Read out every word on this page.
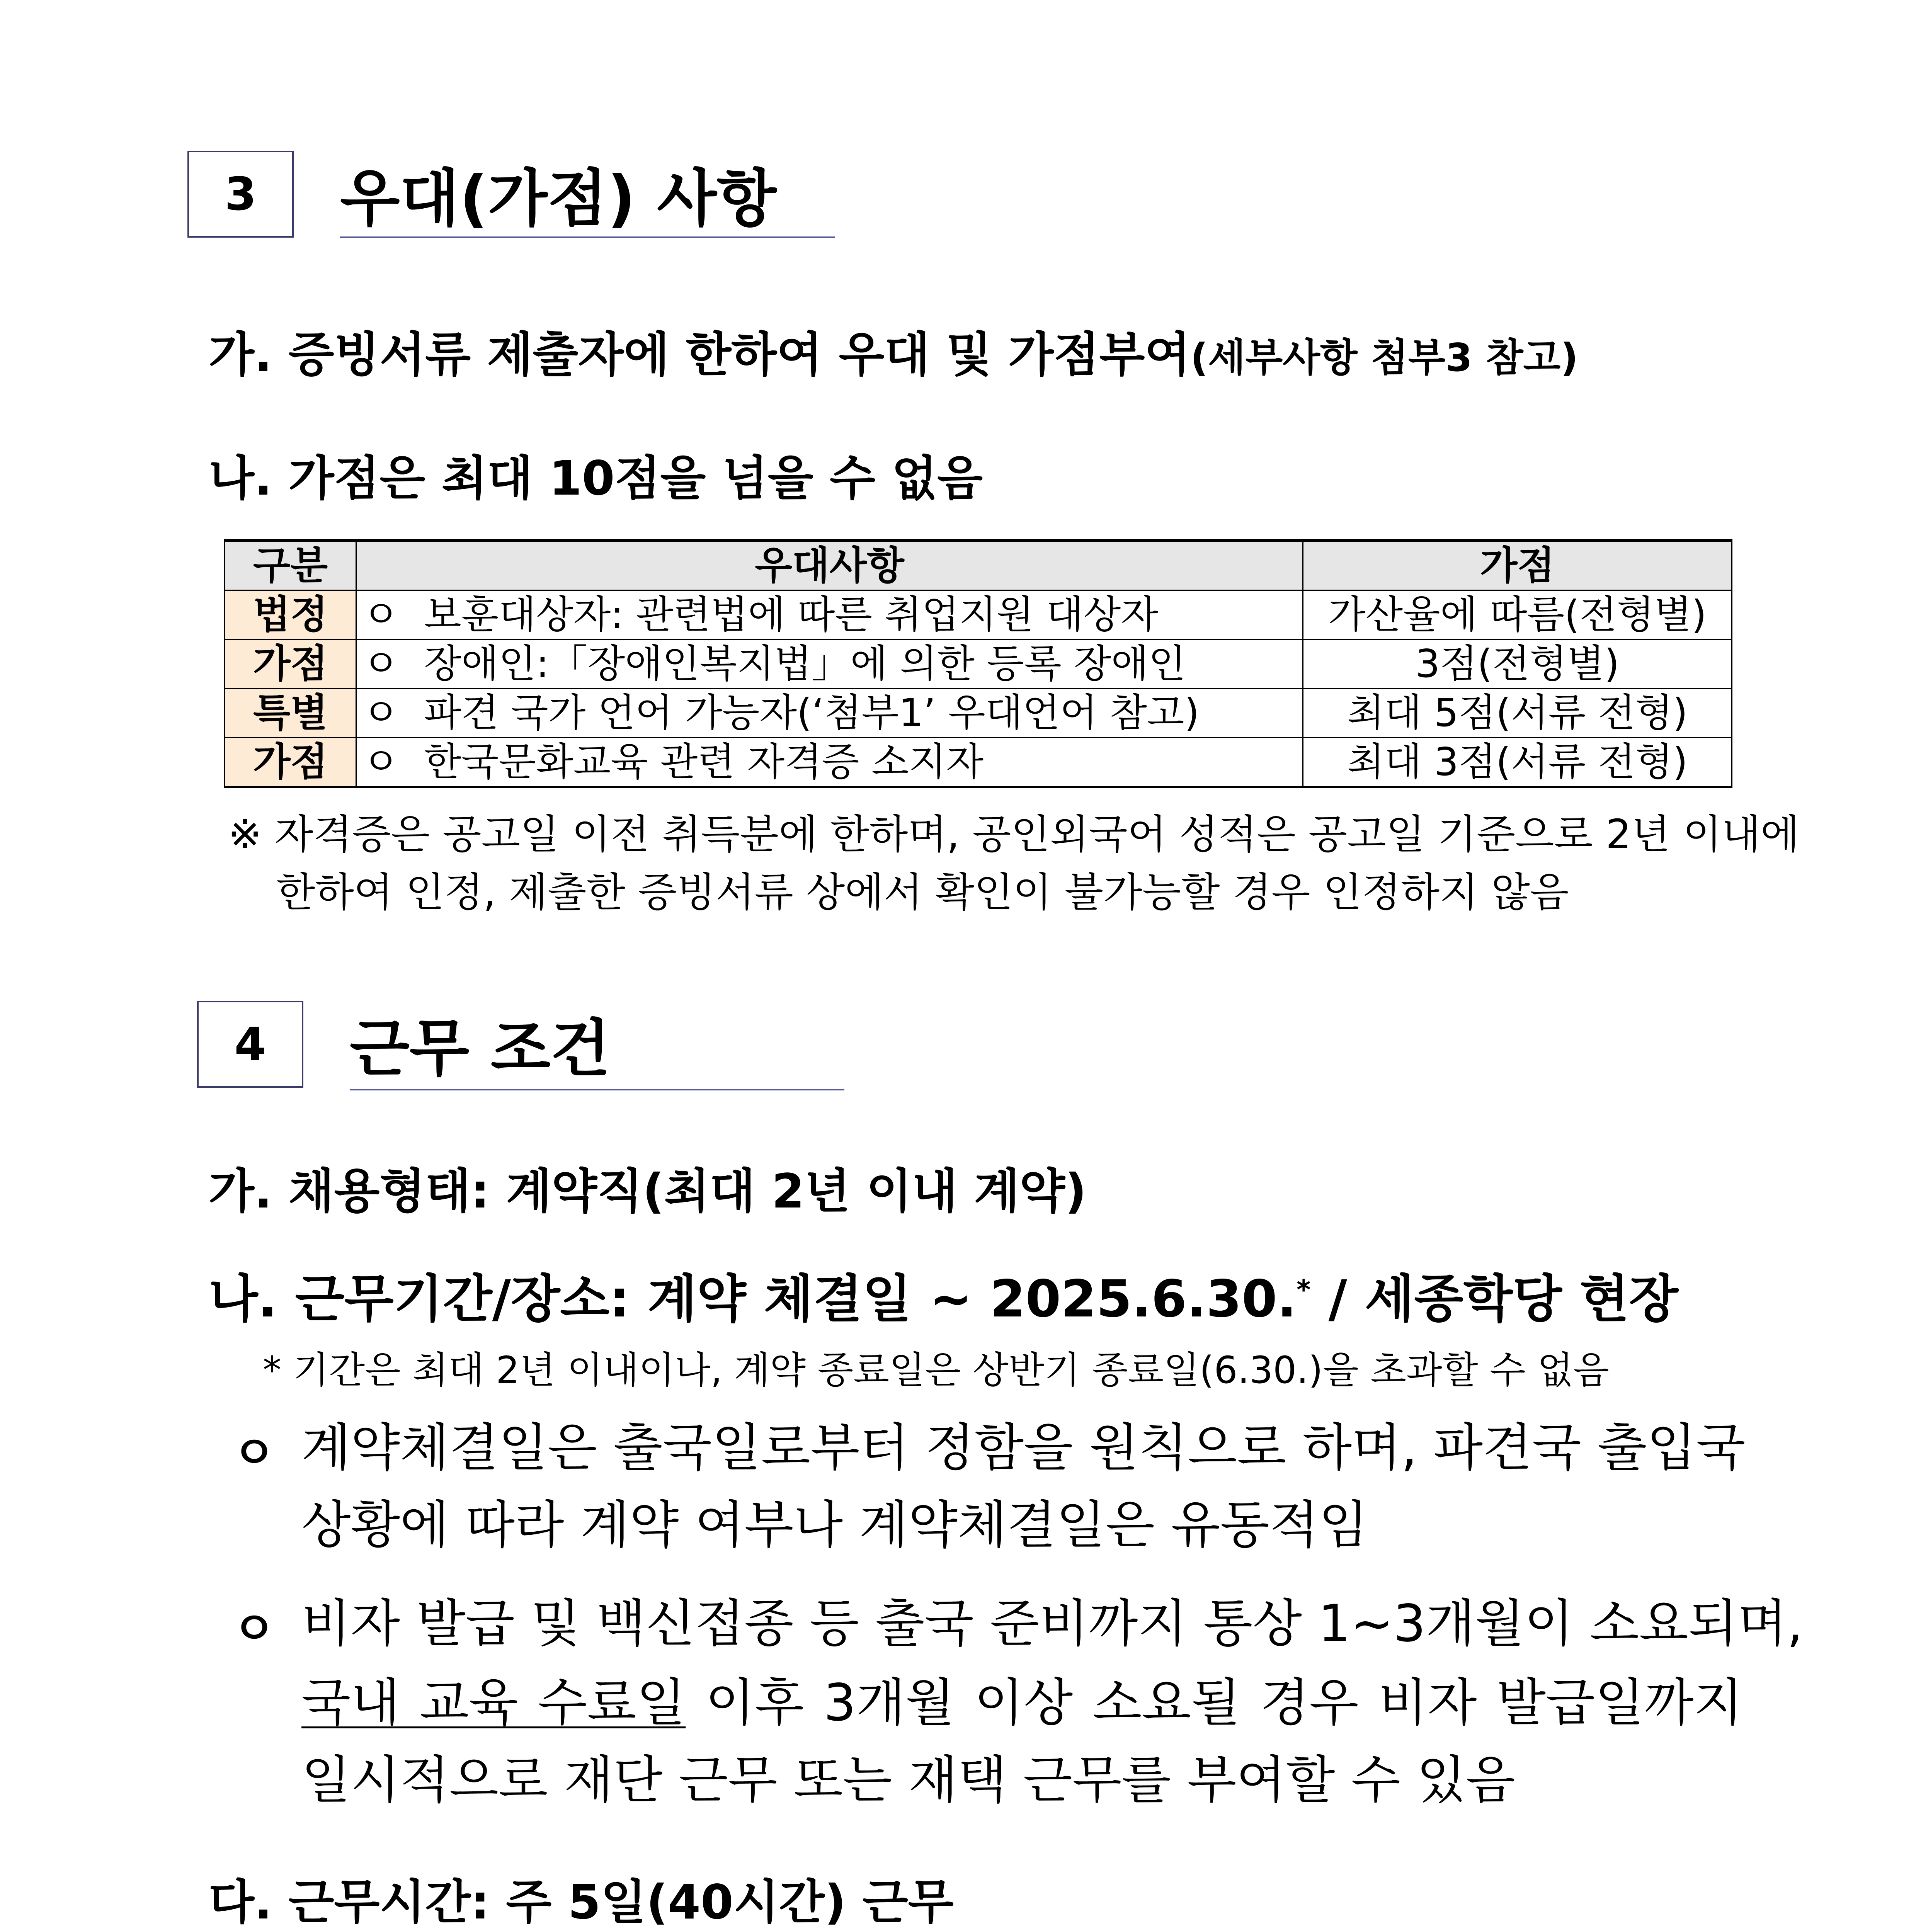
3	우대(가점) 사항
가. 증빙서류 제출자에 한하여 우대 및 가점부여(세부사항 첨부3 참고)
나. 가점은 최대 10점을 넘을 수 없음
구분	우대사항	가점
법정	ㅇ 보훈대상자: 관련법에 따른 취업지원 대상자	가산율에 따름(전형별)
가점	ㅇ 장애인:「장애인복지법」에 의한 등록 장애인	3점(전형별)
특별	ㅇ 파견 국가 언어 가능자(‘첨부1’ 우대언어 참고)	최대 5점(서류 전형)
가점	ㅇ 한국문화교육 관련 자격증 소지자	최대 3점(서류 전형)
※ 자격증은 공고일 이전 취득분에 한하며, 공인외국어 성적은 공고일 기준으로 2년 이내에
한하여 인정, 제출한 증빙서류 상에서 확인이 불가능할 경우 인정하지 않음
4	근무 조건
가. 채용형태: 계약직(최대 2년 이내 계약)
나. 근무기간/장소: 계약 체결일 ~ 2025.6.30.* / 세종학당 현장
* 기간은 최대 2년 이내이나, 계약 종료일은 상반기 종료일(6.30.)을 초과할 수 없음
ㅇ 계약체결일은 출국일로부터 정함을 원칙으로 하며, 파견국 출입국
상황에 따라 계약 여부나 계약체결일은 유동적임
ㅇ 비자 발급 및 백신접종 등 출국 준비까지 통상 1~3개월이 소요되며,
국내 교육 수료일 이후 3개월 이상 소요될 경우 비자 발급일까지
일시적으로 재단 근무 또는 재택 근무를 부여할 수 있음
다. 근무시간: 주 5일(40시간) 근무
